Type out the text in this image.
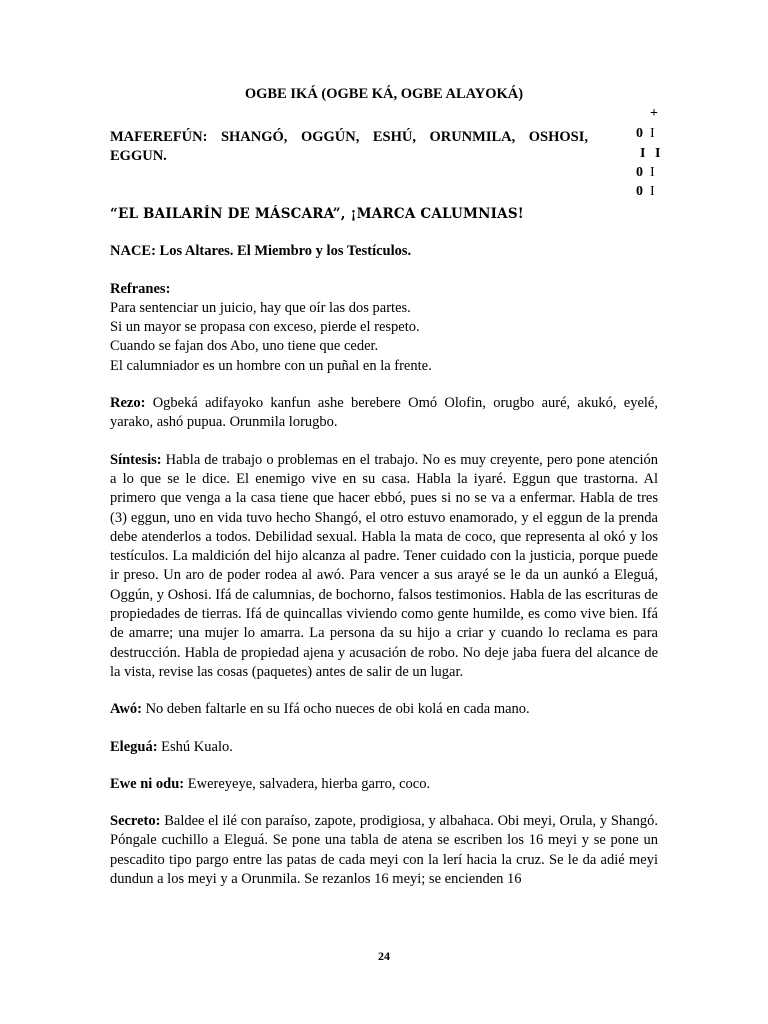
OGBE IKÁ (OGBE KÁ, OGBE ALAYOKÁ)
+
MAFEREFÚN: SHANGÓ, OGGÚN, ESHÚ, ORUNMILA, OSHOSI,
EGGUN.
0 I
I I
0 I
0 I

“EL BAILARÍN DE MÁSCARA”, ¡MARCA CALUMNIAS!

NACE: Los Altares. El Miembro y los Testículos.

Refranes:

Para sentenciar un juicio, hay que oír las dos partes.

Si un mayor se propasa con exceso, pierde el respeto.

Cuando se fajan dos Abo, uno tiene que ceder.

El calumniador es un hombre con un puñal en la frente.

Rezo: Ogbeká adifayoko kanfun ashe berebere Omó Olofin, orugbo auré, akukó, eyelé, yarako, ashó pupua. Orunmila lorugbo.

Síntesis: Habla de trabajo o problemas en el trabajo. No es muy creyente, pero pone atención a lo que se le dice. El enemigo vive en su casa. Habla la iyaré. Eggun que trastorna. Al primero que venga a la casa tiene que hacer ebbó, pues si no se va a enfermar. Habla de tres (3) eggun, uno en vida tuvo hecho Shangó, el otro estuvo enamorado, y el eggun de la prenda debe atenderlos a todos. Debilidad sexual. Habla la mata de coco, que representa al okó y los testículos. La maldición del hijo alcanza al padre. Tener cuidado con la justicia, porque puede ir preso. Un aro de poder rodea al awó. Para vencer a sus arayé se le da un aunkó a Eleguá, Oggún, y Oshosi. Ifá de calumnias, de bochorno, falsos testimonios. Habla de las escrituras de propiedades de tierras. Ifá de quincallas viviendo como gente humilde, es como vive bien. Ifá de amarre; una mujer lo amarra. La persona da su hijo a criar y cuando lo reclama es para destrucción. Habla de propiedad ajena y acusación de robo. No deje jaba fuera del alcance de la vista, revise las cosas (paquetes) antes de salir de un lugar.

Awó: No deben faltarle en su Ifá ocho nueces de obi kolá en cada mano.

Eleguá: Eshú Kualo.

Ewe ni odu: Ewereyeye, salvadera, hierba garro, coco.

Secreto: Baldee el ilé con paraíso, zapote, prodigiosa, y albahaca. Obi meyi, Orula, y Shangó. Póngale cuchillo a Eleguá. Se pone una tabla de atena se escriben los 16 meyi y se pone un pescadito tipo pargo entre las patas de cada meyi con la lerí hacia la cruz. Se le da adié meyi dundun a los meyi y a Orunmila. Se rezanlos 16 meyi; se encienden 16

24
